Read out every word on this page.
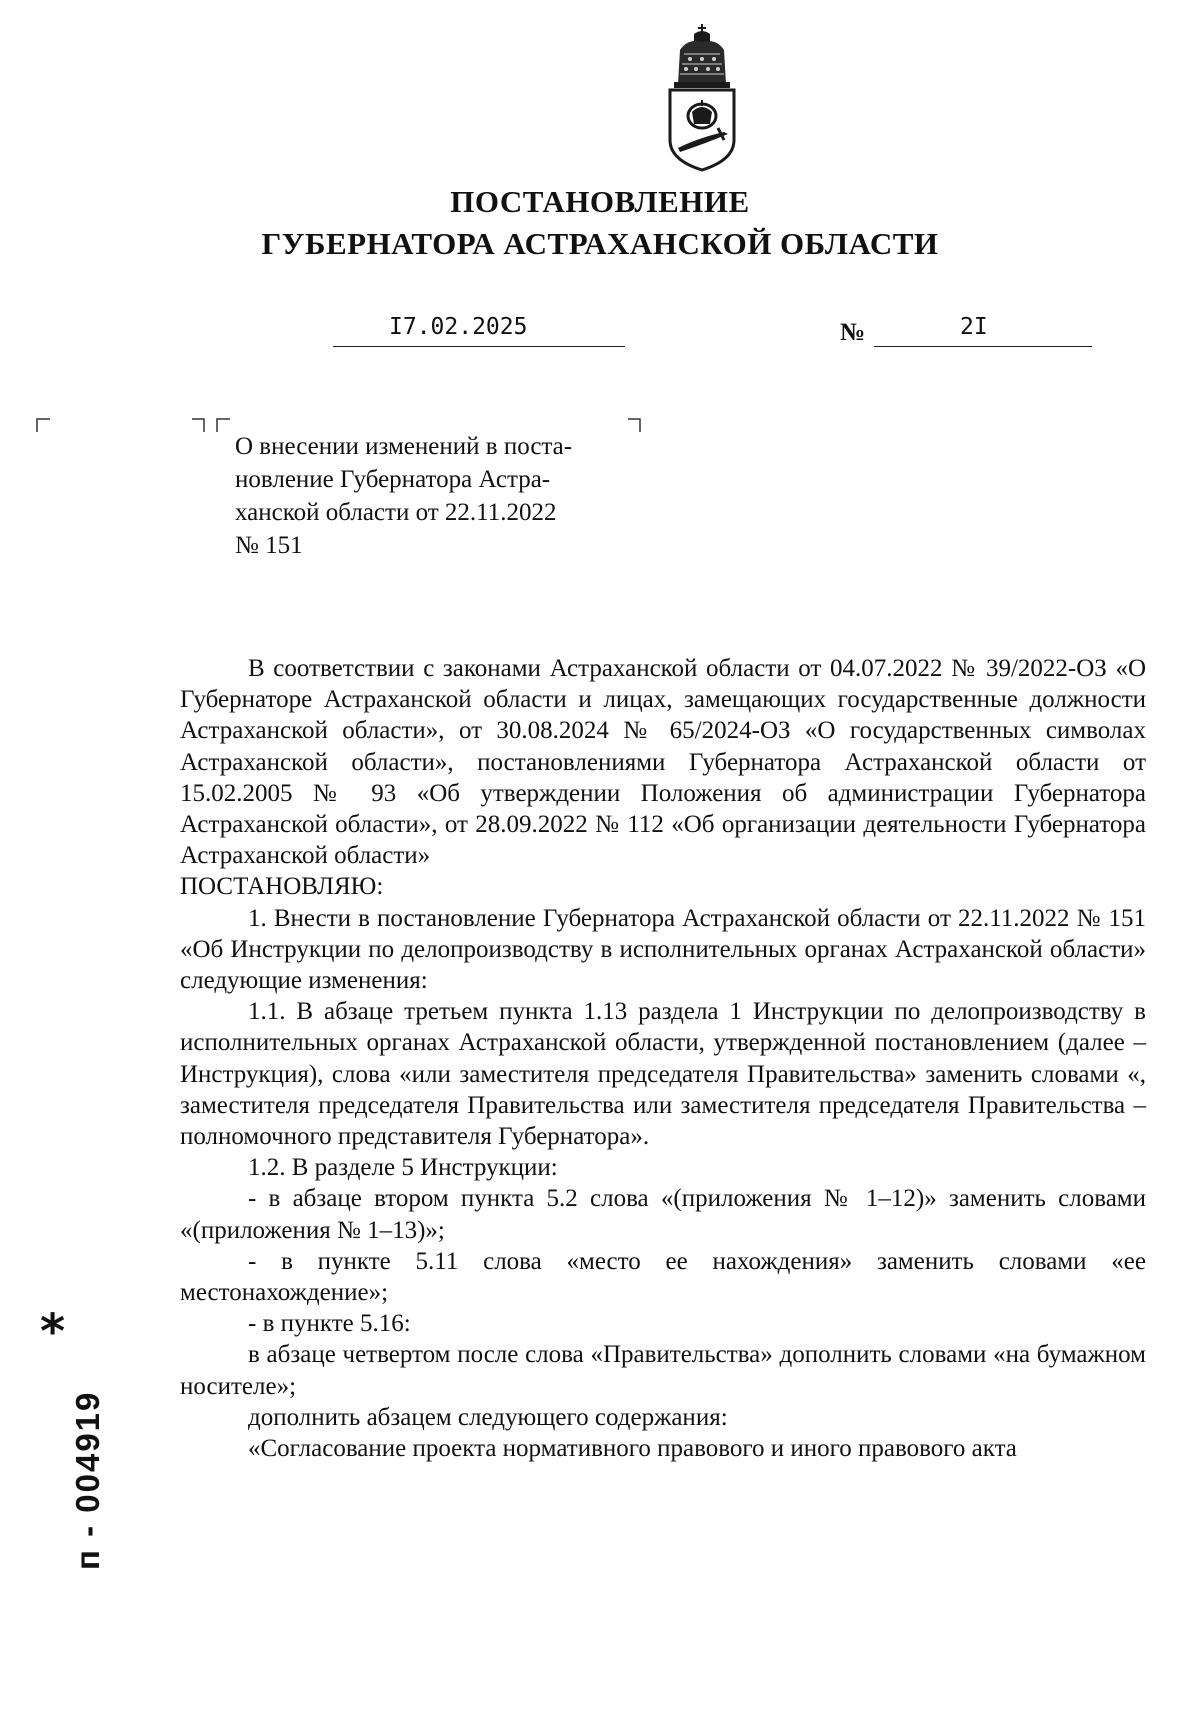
ПОСТАНОВЛЕНИЕ
ГУБЕРНАТОРА АСТРАХАНСКОЙ ОБЛАСТИ
I7.02.2025	№	2I

О внесении изменений в поста-

новление Губернатора Астра-

ханской области от 22.11.2022

№ 151

В соответствии с законами Астраханской области от 04.07.2022 № 39/2022-ОЗ «О Губернаторе Астраханской области и лицах, замещающих государственные должности Астраханской области», от 30.08.2024 № 65/2024-ОЗ «О государственных символах Астраханской области», постановлениями Губернатора Астраханской области от 15.02.2005 № 93 «Об утверждении Положения об администрации Губернатора Астраханской области», от 28.09.2022 № 112 «Об организации деятельности Губернатора Астраханской области»

ПОСТАНОВЛЯЮ:

1. Внести в постановление Губернатора Астраханской области от 22.11.2022 № 151 «Об Инструкции по делопроизводству в исполнительных органах Астраханской области» следующие изменения:

1.1. В абзаце третьем пункта 1.13 раздела 1 Инструкции по делопроизводству в исполнительных органах Астраханской области, утвержденной постановлением (далее – Инструкция), слова «или заместителя председателя Правительства» заменить словами «, заместителя председателя Правительства или заместителя председателя Правительства – полномочного представителя Губернатора».

1.2. В разделе 5 Инструкции:

- в абзаце втором пункта 5.2 слова «(приложения № 1–12)» заменить словами «(приложения № 1–13)»;

- в пункте 5.11 слова «место ее нахождения» заменить словами «ее местонахождение»;

- в пункте 5.16:

в абзаце четвертом после слова «Правительства» дополнить словами «на бумажном носителе»;

дополнить абзацем следующего содержания:

«Согласование проекта нормативного правового и иного правового акта

*
п - 004919
